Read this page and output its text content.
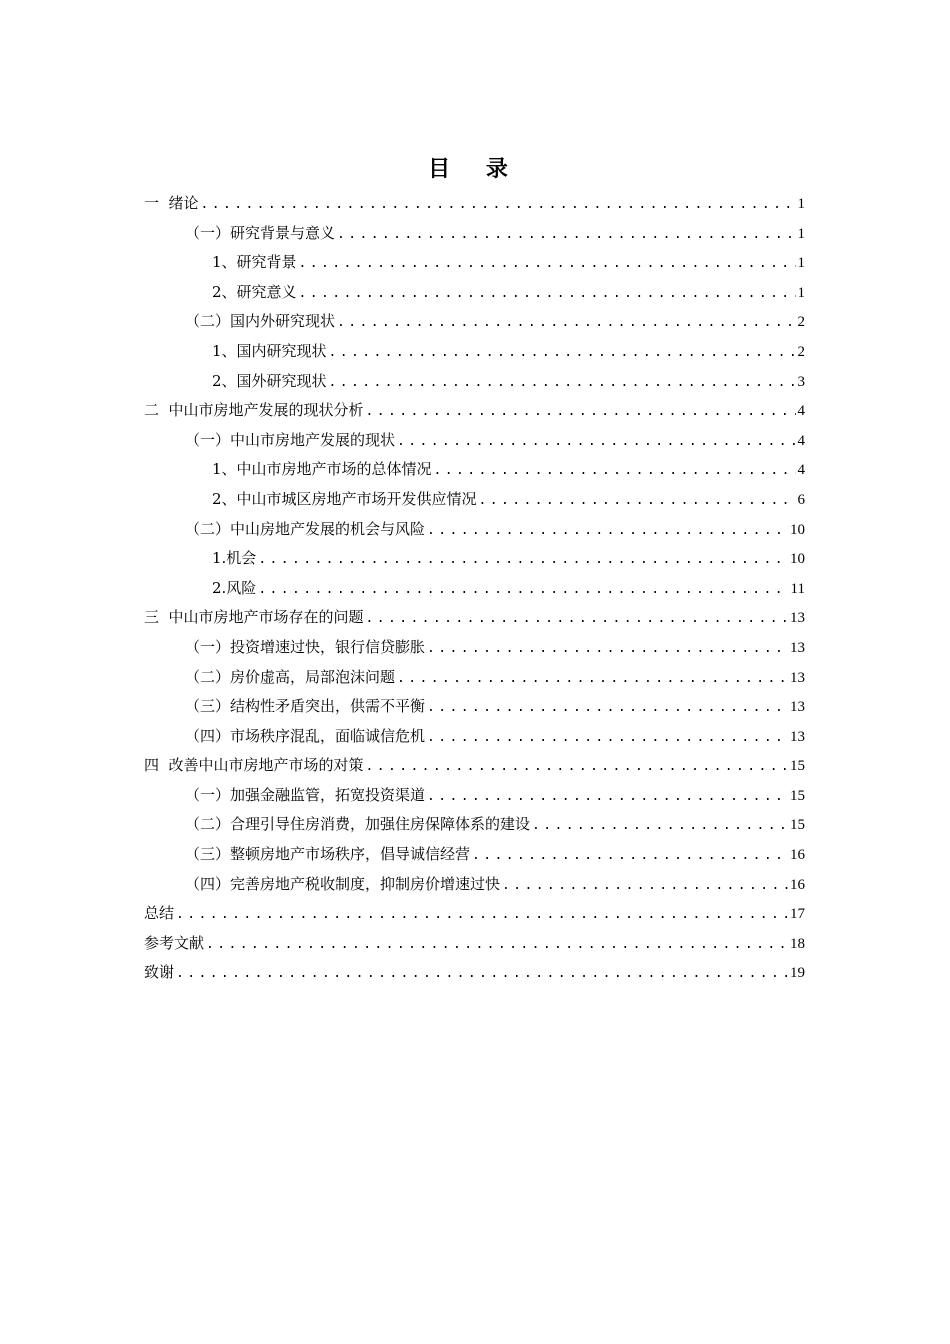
目 录
一  绪论 .....	1
（一）研究背景与意义 .....	1
1、研究背景 .....	1
2、研究意义 .....	1
（二）国内外研究现状 .....	2
1、国内研究现状 .....	2
2、国外研究现状 .....	3
二  中山市房地产发展的现状分析 .....	4
（一）中山市房地产发展的现状 .....	4
1、中山市房地产市场的总体情况 .....	4
2、中山市城区房地产市场开发供应情况 .....	6
（二）中山房地产发展的机会与风险 .....	10
1.机会 .....	10
2.风险 .....	11
三  中山市房地产市场存在的问题 .....	13
（一）投资增速过快，银行信贷膨胀 .....	13
（二）房价虚高，局部泡沫问题 .....	13
（三）结构性矛盾突出，供需不平衡 .....	13
（四）市场秩序混乱，面临诚信危机 .....	13
四  改善中山市房地产市场的对策 .....	15
（一）加强金融监管，拓宽投资渠道 .....	15
（二）合理引导住房消费，加强住房保障体系的建设 .....	15
（三）整顿房地产市场秩序，倡导诚信经营 .....	16
（四）完善房地产税收制度，抑制房价增速过快 .....	16
总结 .....	17
参考文献 .....	18
致谢 .....	19
